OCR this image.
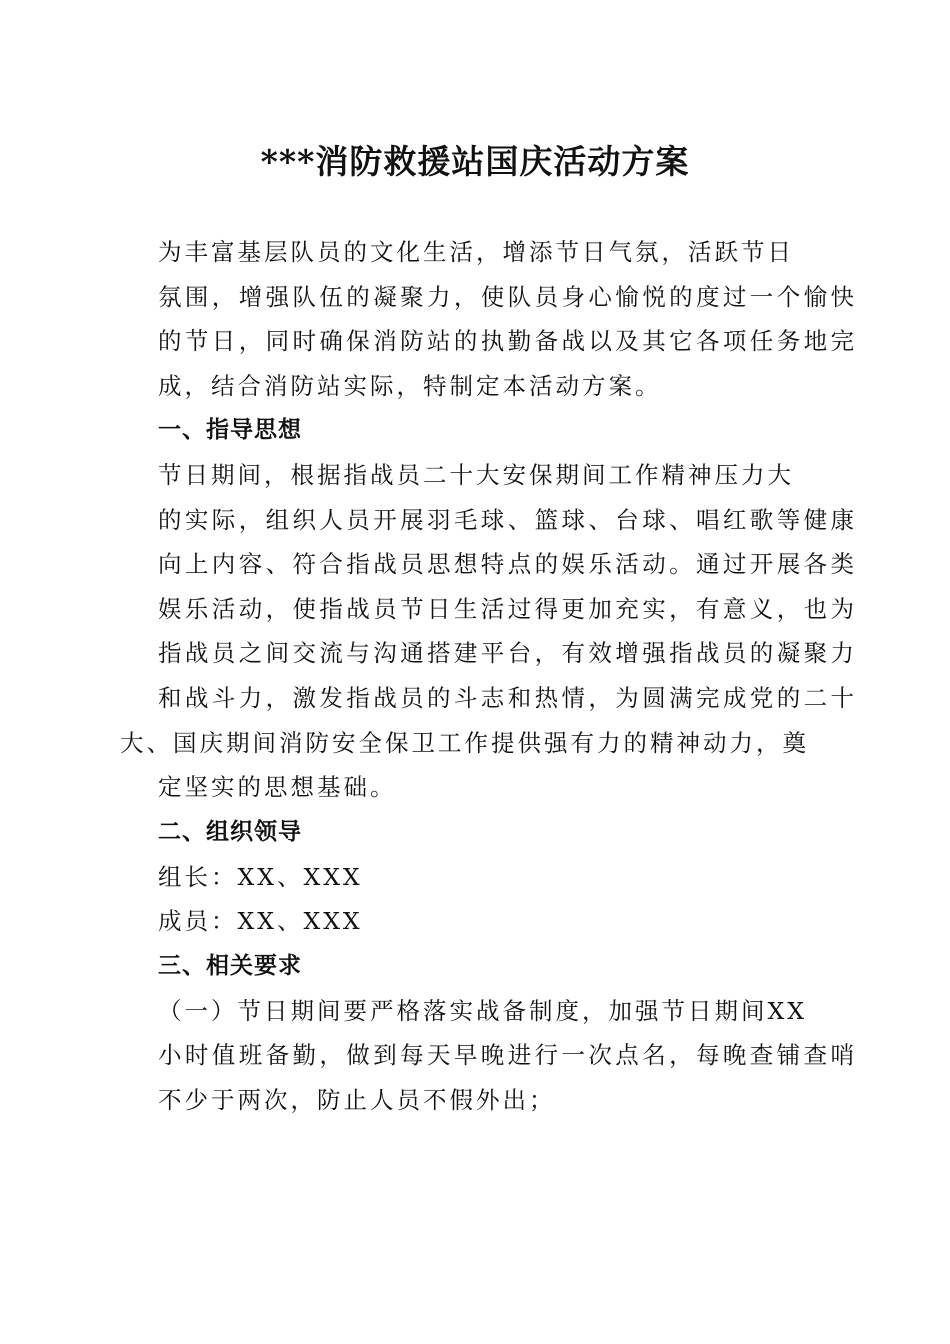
***消防救援站国庆活动方案
为丰富基层队员的文化生活，增添节日气氛，活跃节日
氛围，增强队伍的凝聚力，使队员身心愉悦的度过一个愉快
的节日，同时确保消防站的执勤备战以及其它各项任务地完
成，结合消防站实际，特制定本活动方案。
一、指导思想
节日期间，根据指战员二十大安保期间工作精神压力大
的实际，组织人员开展羽毛球、篮球、台球、唱红歌等健康
向上内容、符合指战员思想特点的娱乐活动。通过开展各类
娱乐活动，使指战员节日生活过得更加充实，有意义，也为
指战员之间交流与沟通搭建平台，有效增强指战员的凝聚力
和战斗力，激发指战员的斗志和热情，为圆满完成党的二十
大、国庆期间消防安全保卫工作提供强有力的精神动力，奠
定坚实的思想基础。
二、组织领导
组长：XX、XXX
成员：XX、XXX
三、相关要求
（一）节日期间要严格落实战备制度，加强节日期间XX
小时值班备勤，做到每天早晚进行一次点名，每晚查铺查哨
不少于两次，防止人员不假外出；
